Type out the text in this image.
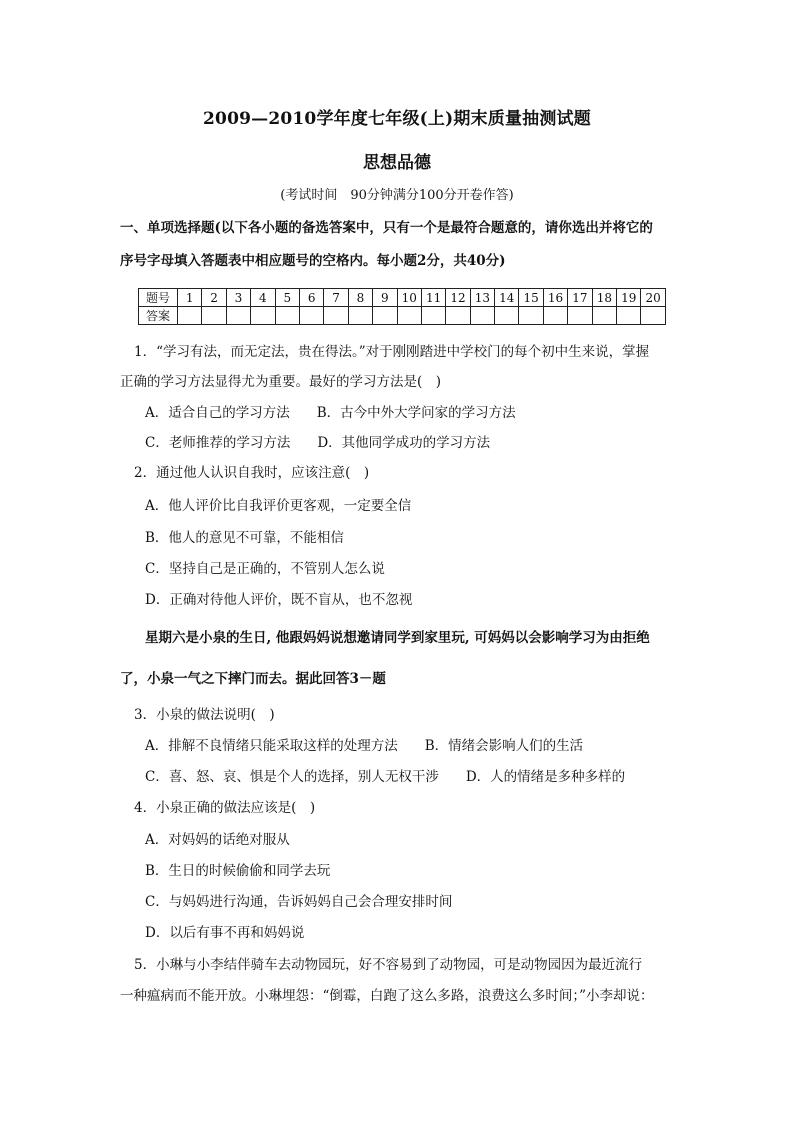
2009—2010学年度七年级(上)期末质量抽测试题
思想品德
(考试时间　90分钟满分100分开卷作答)
一、单项选择题(以下各小题的备选答案中，只有一个是最符合题意的，请你选出并将它的
序号字母填入答题表中相应题号的空格内。每小题2分，共40分)
题号	1	2	3	4	5	6	7	8	9	10	11	12	13	14	15	16	17	18	19	20
答案																				
1．“学习有法，而无定法，贵在得法。”对于刚刚踏进中学校门的每个初中生来说，掌握
正确的学习方法显得尤为重要。最好的学习方法是(　)
A．适合自己的学习方法　　B．古今中外大学问家的学习方法
C．老师推荐的学习方法　　D．其他同学成功的学习方法
2．通过他人认识自我时，应该注意(　)
A．他人评价比自我评价更客观，一定要全信
B．他人的意见不可靠，不能相信
C．坚持自己是正确的，不管别人怎么说
D．正确对待他人评价，既不盲从，也不忽视
星期六是小泉的生日, 他跟妈妈说想邀请同学到家里玩, 可妈妈以会影响学习为由拒绝
了，小泉一气之下摔门而去。据此回答3－题
3．小泉的做法说明(　)
A．排解不良情绪只能采取这样的处理方法　　B．情绪会影响人们的生活
C．喜、怒、哀、惧是个人的选择，别人无权干涉　　D．人的情绪是多种多样的
4．小泉正确的做法应该是(　)
A．对妈妈的话绝对服从
B．生日的时候偷偷和同学去玩
C．与妈妈进行沟通，告诉妈妈自己会合理安排时间
D．以后有事不再和妈妈说
5．小琳与小李结伴骑车去动物园玩，好不容易到了动物园，可是动物园因为最近流行
一种瘟病而不能开放。小琳埋怨：“倒霉，白跑了这么多路，浪费这么多时间；”小李却说：
